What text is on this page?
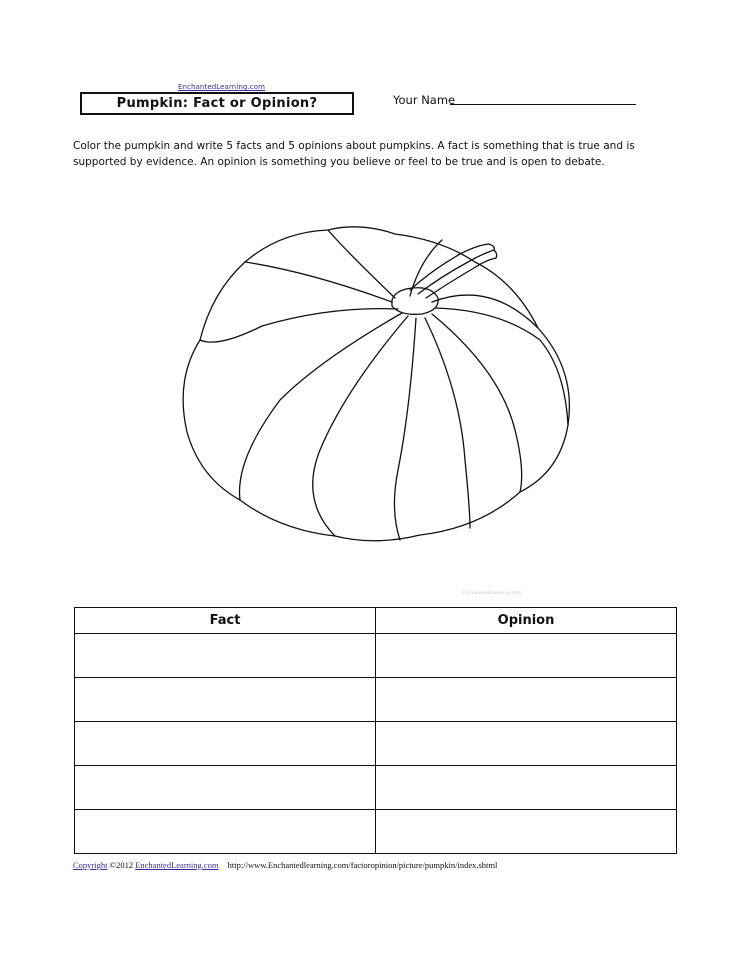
EnchantedLearning.com
Pumpkin: Fact or Opinion?	Your Name
Color the pumpkin and write 5 facts and 5 opinions about pumpkins. A fact is something that is true and is supported by evidence. An opinion is something you believe or feel to be true and is open to debate.
©EnchantedLearning.com
Fact	Opinion

Copyright ©2012 EnchantedLearning.com http://www.Enchantedlearning.com/factoropinion/picture/pumpkin/index.shtml
